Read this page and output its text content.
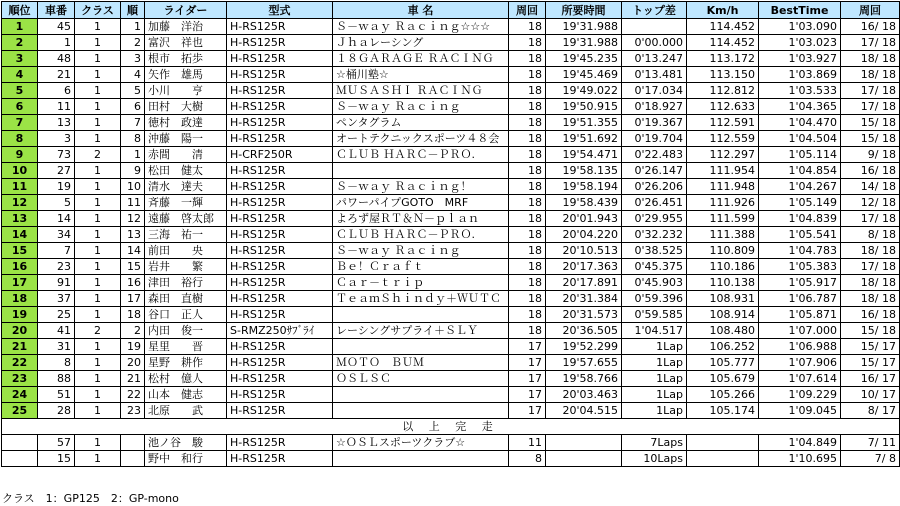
順位	車番	クラス	順	ライダー	型式	車 名	周回	所要時間	トップ差	Km/h	BestTime	周回
1	45	1	1	加藤　洋治	H-RS125R	Ｓ－ｗａｙ Ｒａｃｉｎｇ☆☆☆	18	19'31.988		114.452	1'03.090	16/ 18
2	1	1	2	富沢　祥也	H-RS125R	Ｊｈａレーシング	18	19'31.988	0'00.000	114.452	1'03.023	17/ 18
3	48	1	3	根市　拓歩	H-RS125R	１８ＧＡＲＡＧＥ ＲＡＣＩＮＧ	18	19'45.235	0'13.247	113.172	1'03.927	18/ 18
4	21	1	4	矢作　雄馬	H-RS125R	☆桶川塾☆	18	19'45.469	0'13.481	113.150	1'03.869	18/ 18
5	6	1	5	小川　　亨	H-RS125R	ＭＵＳＡＳＨＩ ＲＡＣＩＮＧ	18	19'49.022	0'17.034	112.812	1'03.533	17/ 18
6	11	1	6	田村　大樹	H-RS125R	Ｓ－ｗａｙ Ｒａｃｉｎｇ	18	19'50.915	0'18.927	112.633	1'04.365	17/ 18
7	13	1	7	徳村　政達	H-RS125R	ペンタグラム	18	19'51.355	0'19.367	112.591	1'04.470	15/ 18
8	3	1	8	沖藤　陽一	H-RS125R	オートテクニックスポーツ４８会	18	19'51.692	0'19.704	112.559	1'04.504	15/ 18
9	73	2	1	赤間　　清	H-CRF250R	ＣＬＵＢ ＨＡＲＣ－ＰＲＯ.	18	19'54.471	0'22.483	112.297	1'05.114	9/ 18
10	27	1	9	松田　健太	H-RS125R		18	19'58.135	0'26.147	111.954	1'04.854	16/ 18
11	19	1	10	清水　達夫	H-RS125R	Ｓ－ｗａｙ Ｒａｃｉｎｇ！	18	19'58.194	0'26.206	111.948	1'04.267	14/ 18
12	5	1	11	斉藤　一輝	H-RS125R	パワーパイプGOTO　MRF	18	19'58.439	0'26.451	111.926	1'05.149	12/ 18
13	14	1	12	遠藤　啓太郎	H-RS125R	よろず屋ＲＴ＆Ｎ－ｐｌａｎ	18	20'01.943	0'29.955	111.599	1'04.839	17/ 18
14	34	1	13	三海　祐一	H-RS125R	ＣＬＵＢ ＨＡＲＣ－ＰＲＯ.	18	20'04.220	0'32.232	111.388	1'05.541	8/ 18
15	7	1	14	前田　　央	H-RS125R	Ｓ－ｗａｙ Ｒａｃｉｎｇ	18	20'10.513	0'38.525	110.809	1'04.783	18/ 18
16	23	1	15	岩井　　繁	H-RS125R	Ｂｅ！Ｃｒａｆｔ	18	20'17.363	0'45.375	110.186	1'05.383	17/ 18
17	91	1	16	津田　裕行	H-RS125R	Ｃａｒ－ｔｒｉｐ	18	20'17.891	0'45.903	110.138	1'05.917	18/ 18
18	37	1	17	森田　直樹	H-RS125R	ＴｅａｍＳｈｉｎｄｙ＋ＷＵＴＣ	18	20'31.384	0'59.396	108.931	1'06.787	18/ 18
19	25	1	18	谷口　正人	H-RS125R		18	20'31.573	0'59.585	108.914	1'05.871	16/ 18
20	41	2	2	内田　俊一	S-RMZ250ｻﾌﾞﾗｲ	レーシングサプライ＋ＳＬＹ	18	20'36.505	1'04.517	108.480	1'07.000	15/ 18
21	31	1	19	星里　　晋	H-RS125R		17	19'52.299	1Lap	106.252	1'06.988	15/ 17
22	8	1	20	星野　耕作	H-RS125R	ＭＯＴＯ　ＢＵＭ	17	19'57.655	1Lap	105.777	1'07.906	15/ 17
23	88	1	21	松村　億人	H-RS125R	ＯＳＬＳＣ	17	19'58.766	1Lap	105.679	1'07.614	16/ 17
24	51	1	22	山本　健志	H-RS125R		17	20'03.463	1Lap	105.266	1'09.229	10/ 17
25	28	1	23	北原　　武	H-RS125R		17	20'04.515	1Lap	105.174	1'09.045	8/ 17
以 上 完 走												
	57	1		池ノ谷　駿	H-RS125R	☆ＯＳＬスポーツクラブ☆	11		7Laps		1'04.849	7/ 11
	15	1		野中　和行	H-RS125R		8		10Laps		1'10.695	7/ 8
クラス　1：GP125　2：GP-mono
